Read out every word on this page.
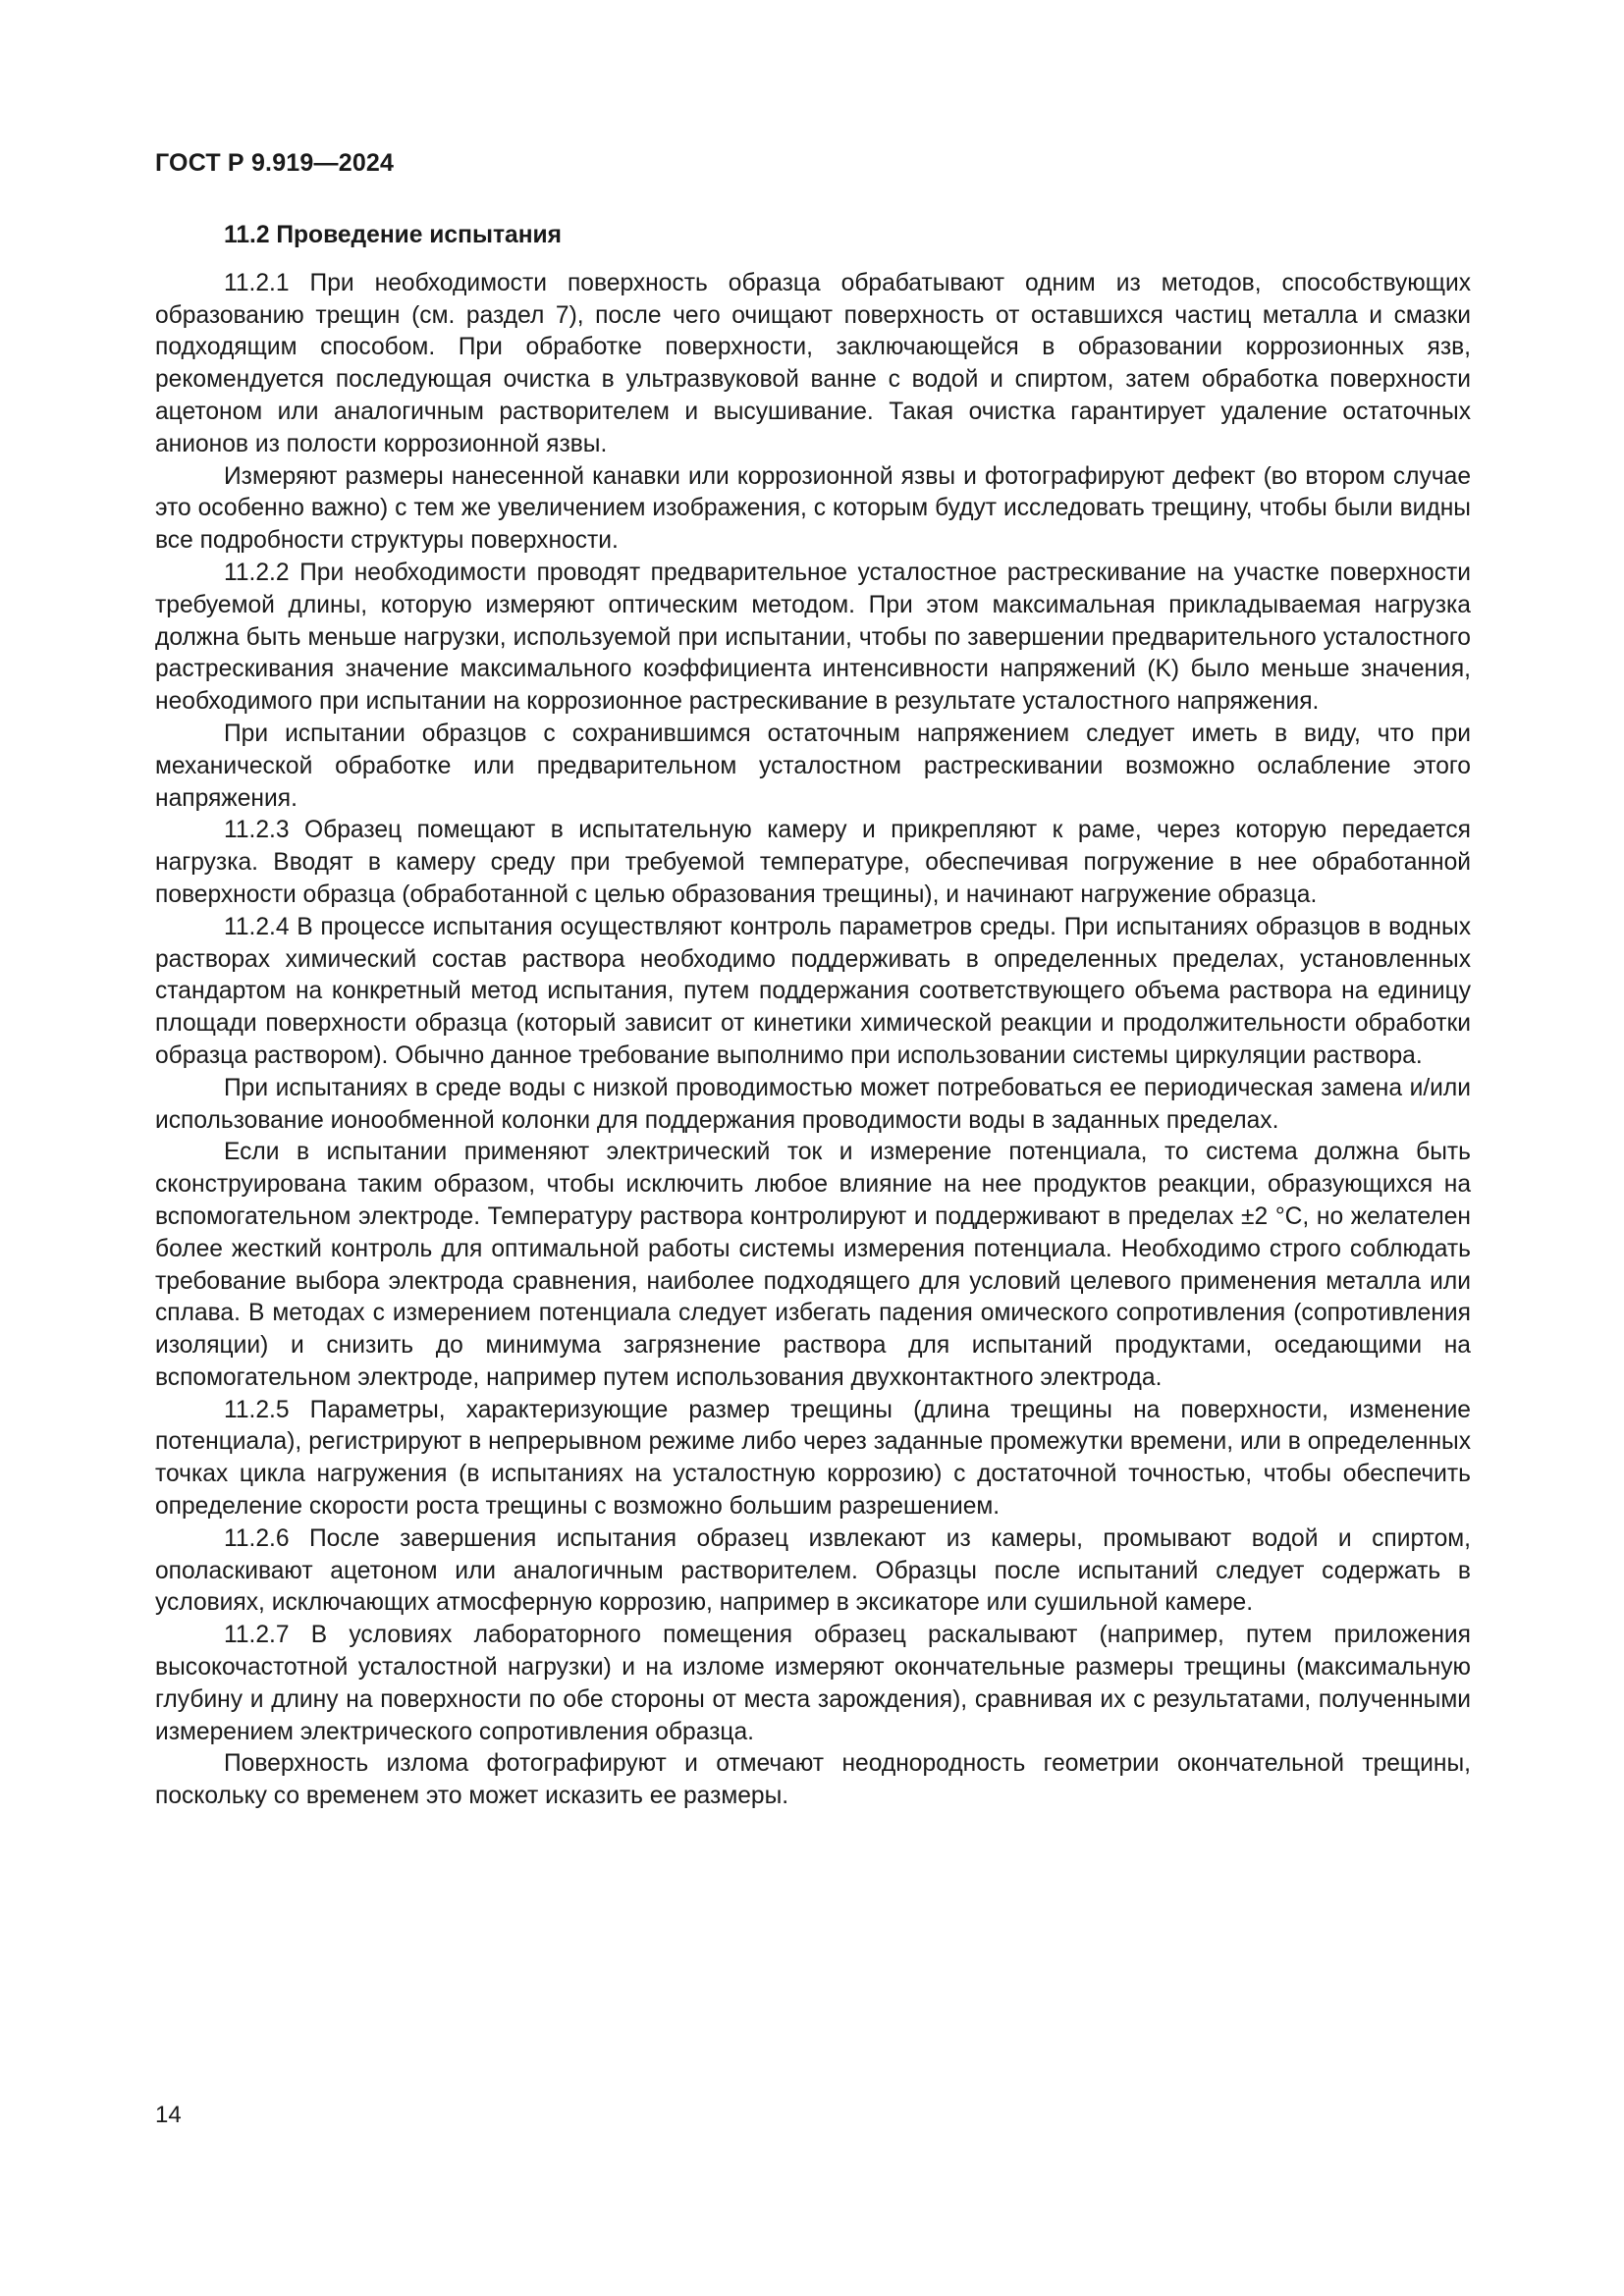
ГОСТ Р 9.919—2024

11.2 Проведение испытания

11.2.1 При необходимости поверхность образца обрабатывают одним из методов, способствующих образованию трещин (см. раздел 7), после чего очищают поверхность от оставшихся частиц металла и смазки подходящим способом. При обработке поверхности, заключающейся в образовании коррозионных язв, рекомендуется последующая очистка в ультразвуковой ванне с водой и спиртом, затем обработка поверхности ацетоном или аналогичным растворителем и высушивание. Такая очистка гарантирует удаление остаточных анионов из полости коррозионной язвы.

Измеряют размеры нанесенной канавки или коррозионной язвы и фотографируют дефект (во втором случае это особенно важно) с тем же увеличением изображения, с которым будут исследовать трещину, чтобы были видны все подробности структуры поверхности.

11.2.2 При необходимости проводят предварительное усталостное растрескивание на участке поверхности требуемой длины, которую измеряют оптическим методом. При этом максимальная прикладываемая нагрузка должна быть меньше нагрузки, используемой при испытании, чтобы по завершении предварительного усталостного растрескивания значение максимального коэффициента интенсивности напряжений (K) было меньше значения, необходимого при испытании на коррозионное растрескивание в результате усталостного напряжения.

При испытании образцов с сохранившимся остаточным напряжением следует иметь в виду, что при механической обработке или предварительном усталостном растрескивании возможно ослабление этого напряжения.

11.2.3 Образец помещают в испытательную камеру и прикрепляют к раме, через которую передается нагрузка. Вводят в камеру среду при требуемой температуре, обеспечивая погружение в нее обработанной поверхности образца (обработанной с целью образования трещины), и начинают нагружение образца.

11.2.4 В процессе испытания осуществляют контроль параметров среды. При испытаниях образцов в водных растворах химический состав раствора необходимо поддерживать в определенных пределах, установленных стандартом на конкретный метод испытания, путем поддержания соответствующего объема раствора на единицу площади поверхности образца (который зависит от кинетики химической реакции и продолжительности обработки образца раствором). Обычно данное требование выполнимо при использовании системы циркуляции раствора.

При испытаниях в среде воды с низкой проводимостью может потребоваться ее периодическая замена и/или использование ионообменной колонки для поддержания проводимости воды в заданных пределах.

Если в испытании применяют электрический ток и измерение потенциала, то система должна быть сконструирована таким образом, чтобы исключить любое влияние на нее продуктов реакции, образующихся на вспомогательном электроде. Температуру раствора контролируют и поддерживают в пределах ±2 °C, но желателен более жесткий контроль для оптимальной работы системы измерения потенциала. Необходимо строго соблюдать требование выбора электрода сравнения, наиболее подходящего для условий целевого применения металла или сплава. В методах с измерением потенциала следует избегать падения омического сопротивления (сопротивления изоляции) и снизить до минимума загрязнение раствора для испытаний продуктами, оседающими на вспомогательном электроде, например путем использования двухконтактного электрода.

11.2.5 Параметры, характеризующие размер трещины (длина трещины на поверхности, изменение потенциала), регистрируют в непрерывном режиме либо через заданные промежутки времени, или в определенных точках цикла нагружения (в испытаниях на усталостную коррозию) с достаточной точностью, чтобы обеспечить определение скорости роста трещины с возможно большим разрешением.

11.2.6 После завершения испытания образец извлекают из камеры, промывают водой и спиртом, ополаскивают ацетоном или аналогичным растворителем. Образцы после испытаний следует содержать в условиях, исключающих атмосферную коррозию, например в эксикаторе или сушильной камере.

11.2.7 В условиях лабораторного помещения образец раскалывают (например, путем приложения высокочастотной усталостной нагрузки) и на изломе измеряют окончательные размеры трещины (максимальную глубину и длину на поверхности по обе стороны от места зарождения), сравнивая их с результатами, полученными измерением электрического сопротивления образца.

Поверхность излома фотографируют и отмечают неоднородность геометрии окончательной трещины, поскольку со временем это может исказить ее размеры.

14
